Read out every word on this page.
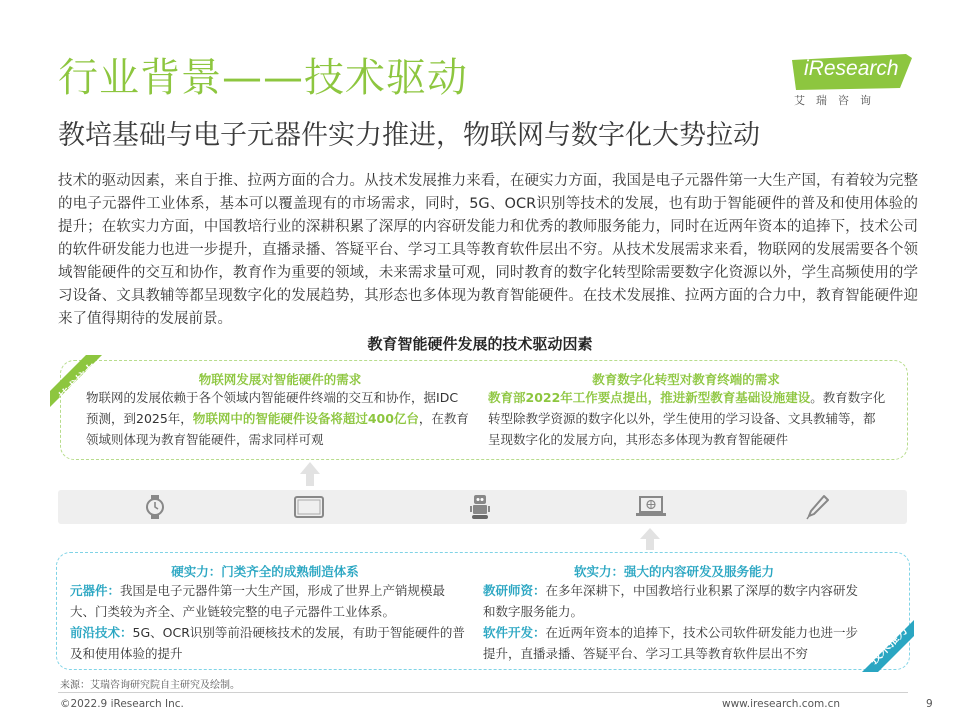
行业背景——技术驱动
教培基础与电子元器件实力推进，物联网与数字化大势拉动
iResearch
艾瑞咨询
技术的驱动因素，来自于推、拉两方面的合力。从技术发展推力来看，在硬实力方面，我国是电子元器件第一大生产国，有着较为完整的电子元器件工业体系，基本可以覆盖现有的市场需求，同时，5G、OCR识别等技术的发展，也有助于智能硬件的普及和使用体验的提升；在软实力方面，中国教培行业的深耕积累了深厚的内容研发能力和优秀的教师服务能力，同时在近两年资本的追捧下，技术公司的软件研发能力也进一步提升，直播录播、答疑平台、学习工具等教育软件层出不穷。从技术发展需求来看，物联网的发展需要各个领域智能硬件的交互和协作，教育作为重要的领域，未来需求量可观，同时教育的数字化转型除需要数字化资源以外，学生高频使用的学习设备、文具教辅等都呈现数字化的发展趋势，其形态也多体现为教育智能硬件。在技术发展推、拉两方面的合力中，教育智能硬件迎来了值得期待的发展前景。
教育智能硬件发展的技术驱动因素
技术拉力	物联网发展对智能硬件的需求
物联网的发展依赖于各个领域内智能硬件终端的交互和协作，据IDC预测，到2025年，物联网中的智能硬件设备将超过400亿台，在教育领域则体现为教育智能硬件，需求同样可观
教育数字化转型对教育终端的需求
教育部2022年工作要点提出，推进新型教育基础设施建设。教育数字化转型除教学资源的数字化以外，学生使用的学习设备、文具教辅等，都呈现数字化的发展方向，其形态多体现为教育智能硬件
技术推力
硬实力：门类齐全的成熟制造体系
元器件：我国是电子元器件第一大生产国，形成了世界上产销规模最大、门类较为齐全、产业链较完整的电子元器件工业体系。
前沿技术：5G、OCR识别等前沿硬核技术的发展，有助于智能硬件的普及和使用体验的提升
软实力：强大的内容研发及服务能力
教研师资：在多年深耕下，中国教培行业积累了深厚的数字内容研发和数字服务能力。
软件开发：在近两年资本的追捧下，技术公司软件研发能力也进一步提升，直播录播、答疑平台、学习工具等教育软件层出不穷
来源：艾瑞咨询研究院自主研究及绘制。
©2022.9 iResearch Inc.	www.iresearch.com.cn	9
